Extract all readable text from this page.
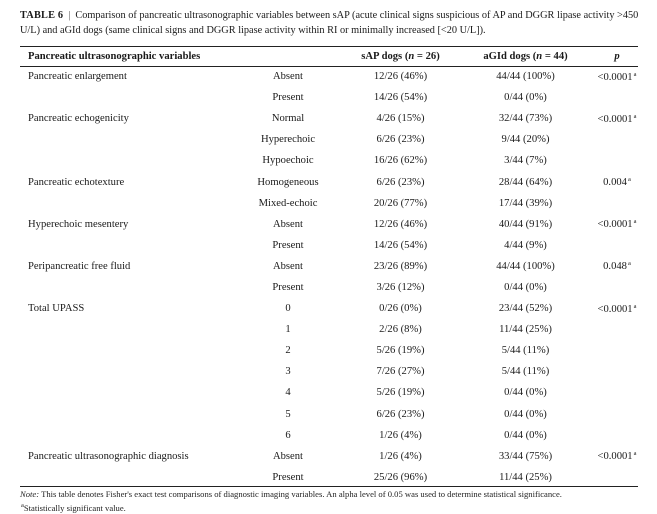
TABLE 6 | Comparison of pancreatic ultrasonographic variables between sAP (acute clinical signs suspicious of AP and DGGR lipase activity >450 U/L) and aGId dogs (same clinical signs and DGGR lipase activity within RI or minimally increased [<20 U/L]).
Pancreatic ultrasonographic variables		sAP dogs (n = 26)	aGId dogs (n = 44)	p
Pancreatic enlargement	Absent	12/26 (46%)	44/44 (100%)	<0.0001$^a$
	Present	14/26 (54%)	0/44 (0%)	
Pancreatic echogenicity	Normal	4/26 (15%)	32/44 (73%)	<0.0001$^a$
	Hyperechoic	6/26 (23%)	9/44 (20%)	
	Hypoechoic	16/26 (62%)	3/44 (7%)	
Pancreatic echotexture	Homogeneous	6/26 (23%)	28/44 (64%)	0.004$^a$
	Mixed-echoic	20/26 (77%)	17/44 (39%)	
Hyperechoic mesentery	Absent	12/26 (46%)	40/44 (91%)	<0.0001$^a$
	Present	14/26 (54%)	4/44 (9%)	
Peripancreatic free fluid	Absent	23/26 (89%)	44/44 (100%)	0.048$^a$
	Present	3/26 (12%)	0/44 (0%)	
Total UPASS	0	0/26 (0%)	23/44 (52%)	<0.0001$^a$
	1	2/26 (8%)	11/44 (25%)	
	2	5/26 (19%)	5/44 (11%)	
	3	7/26 (27%)	5/44 (11%)	
	4	5/26 (19%)	0/44 (0%)	
	5	6/26 (23%)	0/44 (0%)	
	6	1/26 (4%)	0/44 (0%)	
Pancreatic ultrasonographic diagnosis	Absent	1/26 (4%)	33/44 (75%)	<0.0001$^a$
	Present	25/26 (96%)	11/44 (25%)	
Note: This table denotes Fisher's exact test comparisons of diagnostic imaging variables. An alpha level of 0.05 was used to determine statistical significance.
$^a$Statistically significant value.
